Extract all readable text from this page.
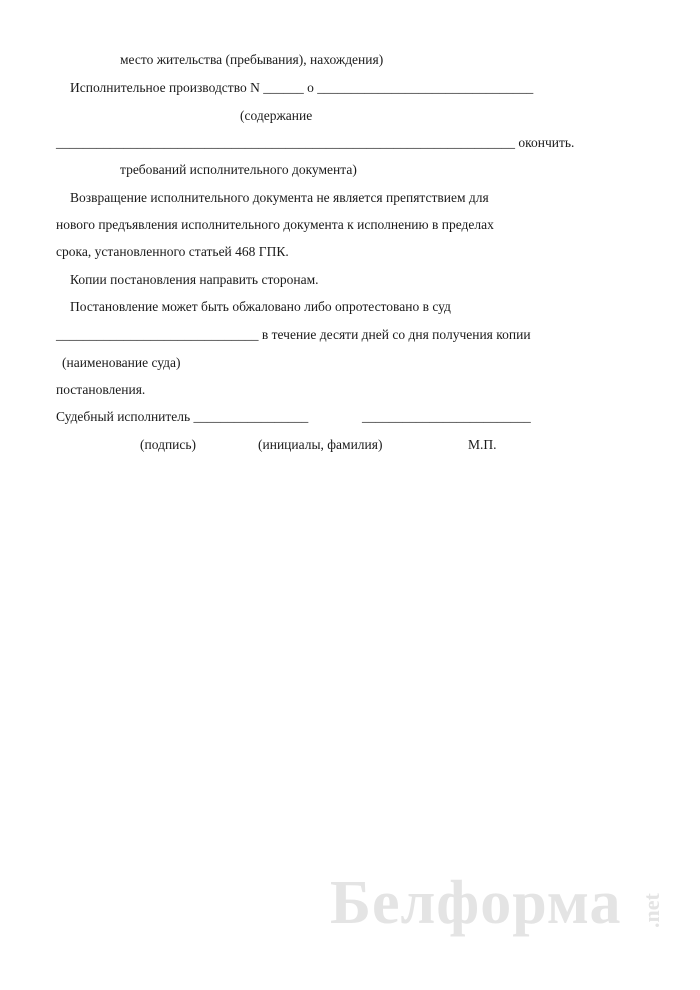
место жительства (пребывания), нахождения)

Исполнительное производство N ______ о ________________________________

(содержание

____________________________________________________________________ окончить.

требований исполнительного документа)

Возвращение исполнительного документа не является препятствием для

нового предъявления исполнительного документа к исполнению в пределах

срока, установленного статьей 468 ГПК.

Копии постановления направить сторонам.

Постановление может быть обжаловано либо опротестовано в суд

______________________________ в течение десяти дней со дня получения копии

(наименование суда)

постановления.

Судебный исполнитель _________________	_________________________

(подпись)	(инициалы, фамилия)	М.П.

Белформа .net
